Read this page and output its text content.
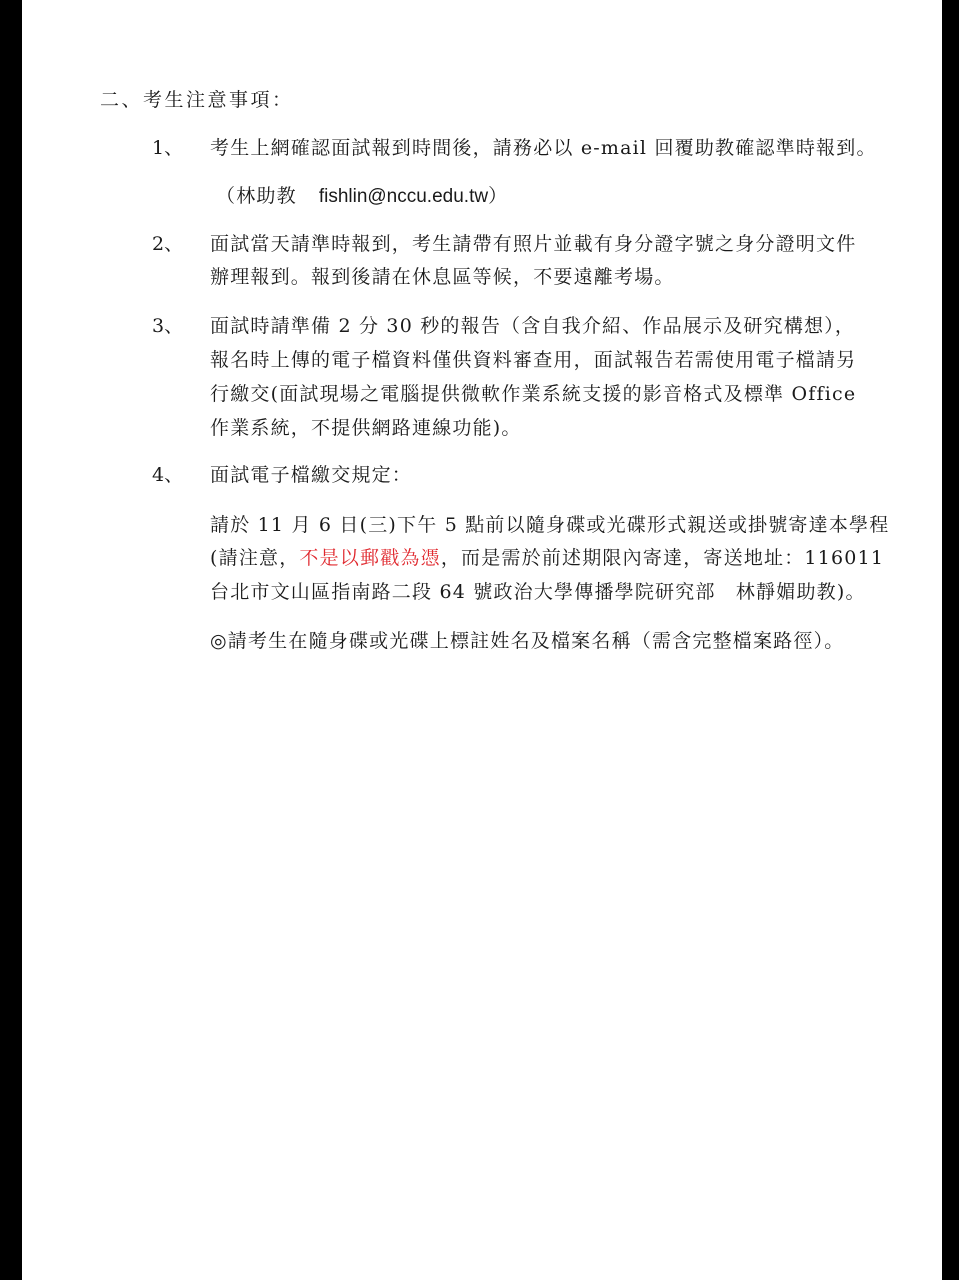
二、考生注意事項：
1、 考生上網確認面試報到時間後，請務必以 e-mail 回覆助教確認準時報到。
（林助教 fishlin@nccu.edu.tw）
2、 面試當天請準時報到，考生請帶有照片並載有身分證字號之身分證明文件
辦理報到。報到後請在休息區等候，不要遠離考場。
3、 面試時請準備 2 分 30 秒的報告（含自我介紹、作品展示及研究構想），
報名時上傳的電子檔資料僅供資料審查用，面試報告若需使用電子檔請另
行繳交(面試現場之電腦提供微軟作業系統支援的影音格式及標準 Office
作業系統，不提供網路連線功能)。
4、 面試電子檔繳交規定：
請於 11 月 6 日(三)下午 5 點前以隨身碟或光碟形式親送或掛號寄達本學程
(請注意，不是以郵戳為憑，而是需於前述期限內寄達，寄送地址：116011
台北市文山區指南路二段 64 號政治大學傳播學院研究部　林靜媚助教)。
◎請考生在隨身碟或光碟上標註姓名及檔案名稱（需含完整檔案路徑）。
